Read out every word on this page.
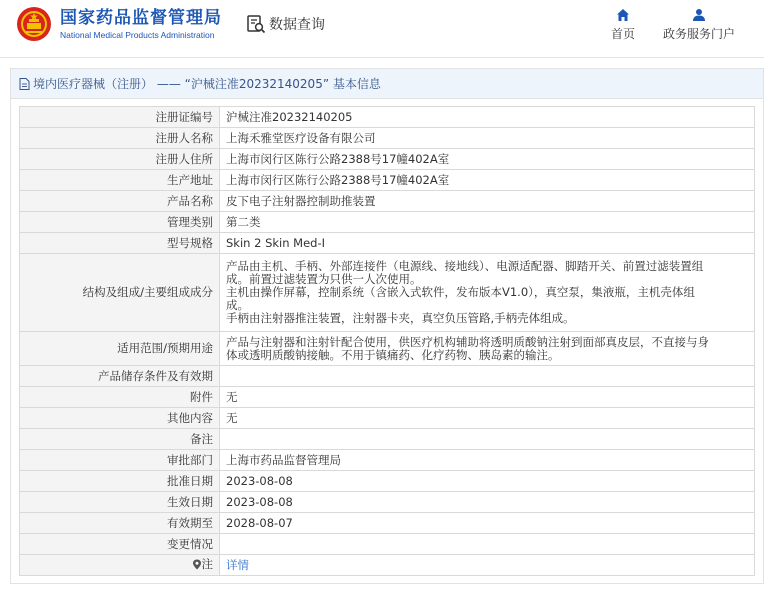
国家药品监督管理局
National Medical Products Administration
数据查询
首页	政务服务门户
境内医疗器械（注册） —— “沪械注准20232140205” 基本信息
注册证编号	沪械注准20232140205
注册人名称	上海禾雅堂医疗设备有限公司
注册人住所	上海市闵行区陈行公路2388号17幢402A室
生产地址	上海市闵行区陈行公路2388号17幢402A室
产品名称	皮下电子注射器控制助推装置
管理类别	第二类
型号规格	Skin 2 Skin Med-I
结构及组成/主要组成成分	产品由主机、手柄、外部连接件（电源线、接地线）、电源适配器、脚踏开关、前置过滤装置组
成。前置过滤装置为只供一人次使用。
主机由操作屏幕，控制系统（含嵌入式软件，发布版本V1.0），真空泵，集液瓶，主机壳体组
成。
手柄由注射器推注装置，注射器卡夹，真空负压管路,手柄壳体组成。

适用范围/预期用途	产品与注射器和注射针配合使用，供医疗机构辅助将透明质酸钠注射到面部真皮层，不直接与身
体或透明质酸钠接触。不用于镇痛药、化疗药物、胰岛素的输注。

产品储存条件及有效期	
附件	无
其他内容	无
备注	
审批部门	上海市药品监督管理局
批准日期	2023-08-08
生效日期	2023-08-08
有效期至	2028-08-07
变更情况	

注	详情
